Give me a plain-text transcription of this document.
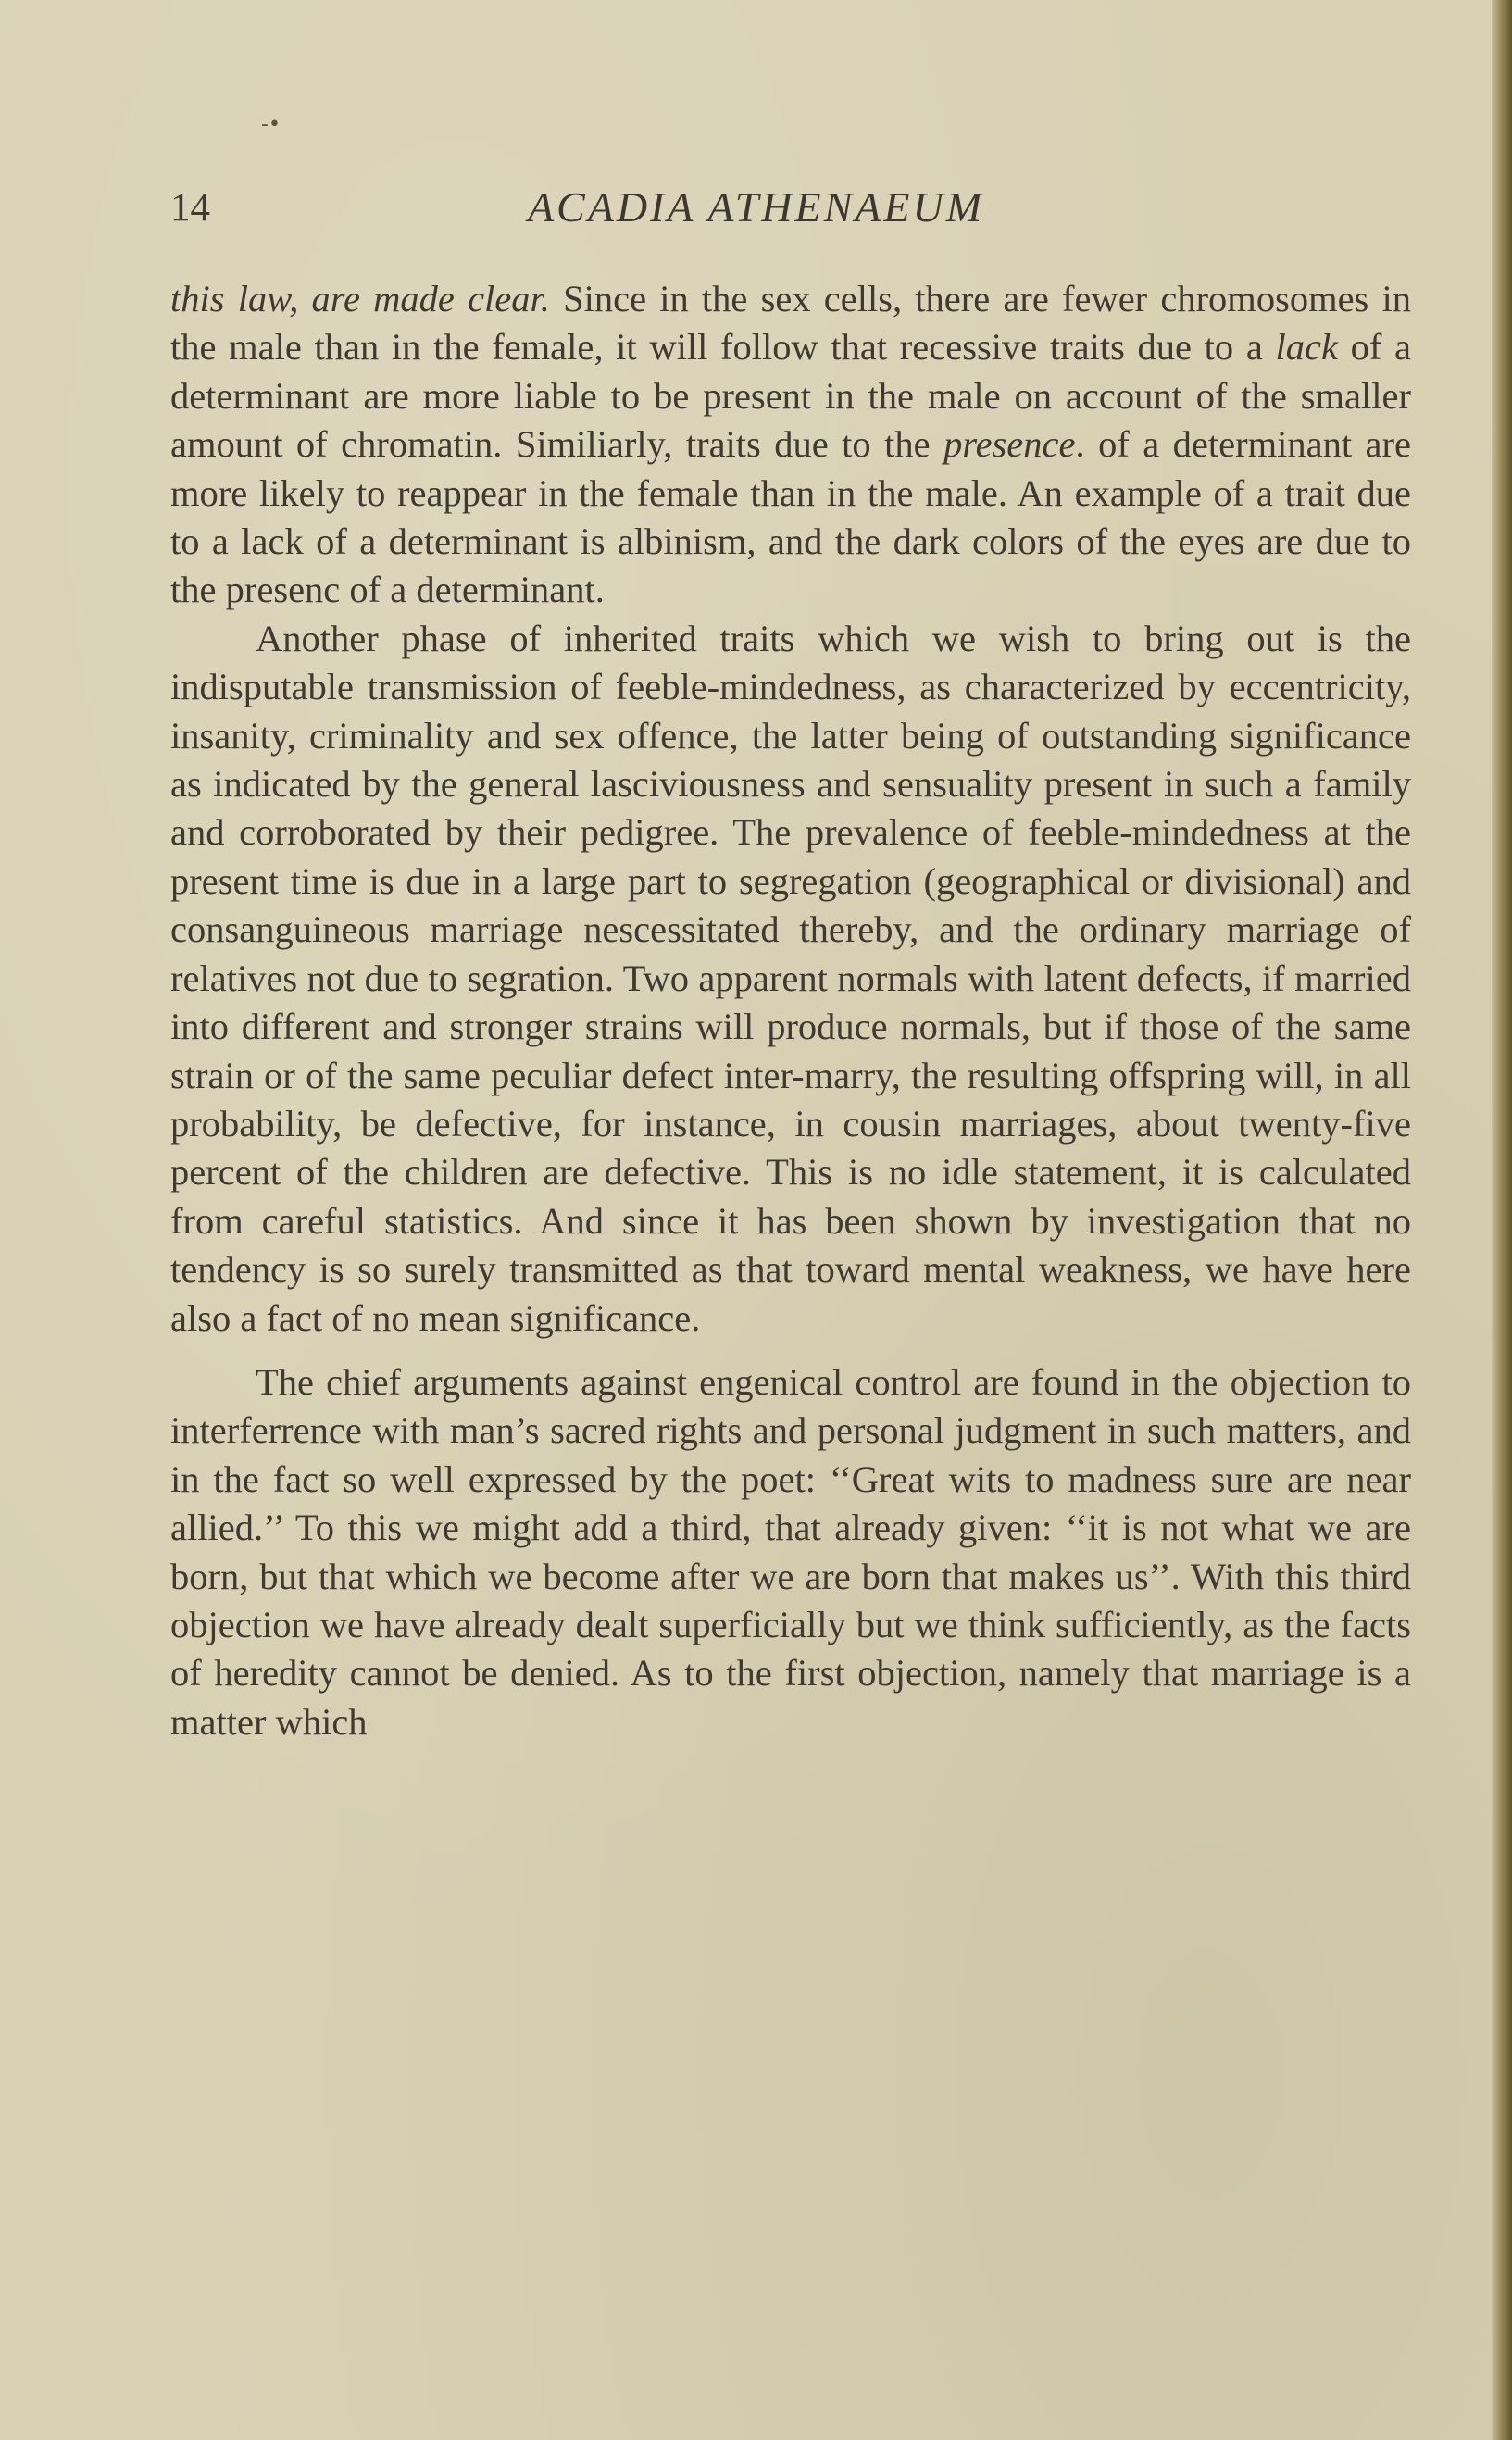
-•
14	ACADIA ATHENAEUM

this law, are made clear. Since in the sex cells, there are fewer chromosomes in the male than in the female, it will follow that recessive traits due to a lack of a determinant are more liable to be present in the male on account of the smaller amount of chromatin. Similiarly, traits due to the presence. of a determinant are more likely to reappear in the female than in the male. An example of a trait due to a lack of a determinant is albinism, and the dark colors of the eyes are due to the presenc of a determinant.

Another phase of inherited traits which we wish to bring out is the indisputable transmission of feeble-mindedness, as characterized by eccentricity, insanity, criminality and sex offence, the latter being of outstanding significance as indicated by the general lasciviousness and sensuality present in such a family and corroborated by their pedigree. The prevalence of feeble-mindedness at the present time is due in a large part to segregation (geographical or divisional) and consanguineous marriage nescessitated thereby, and the ordinary marriage of relatives not due to segration. Two apparent normals with latent defects, if married into different and stronger strains will produce normals, but if those of the same strain or of the same peculiar defect inter-marry, the resulting offspring will, in all probability, be defective, for instance, in cousin marriages, about twenty-five percent of the children are defective. This is no idle statement, it is calculated from careful statistics. And since it has been shown by investigation that no tendency is so surely transmitted as that toward mental weakness, we have here also a fact of no mean significance.

The chief arguments against engenical control are found in the objection to interferrence with man’s sacred rights and personal judgment in such matters, and in the fact so well expressed by the poet: ‘‘Great wits to madness sure are near allied.’’ To this we might add a third, that already given: ‘‘it is not what we are born, but that which we become after we are born that makes us’’. With this third objection we have already dealt superficially but we think sufficiently, as the facts of heredity cannot be denied. As to the first objection, namely that marriage is a matter which
